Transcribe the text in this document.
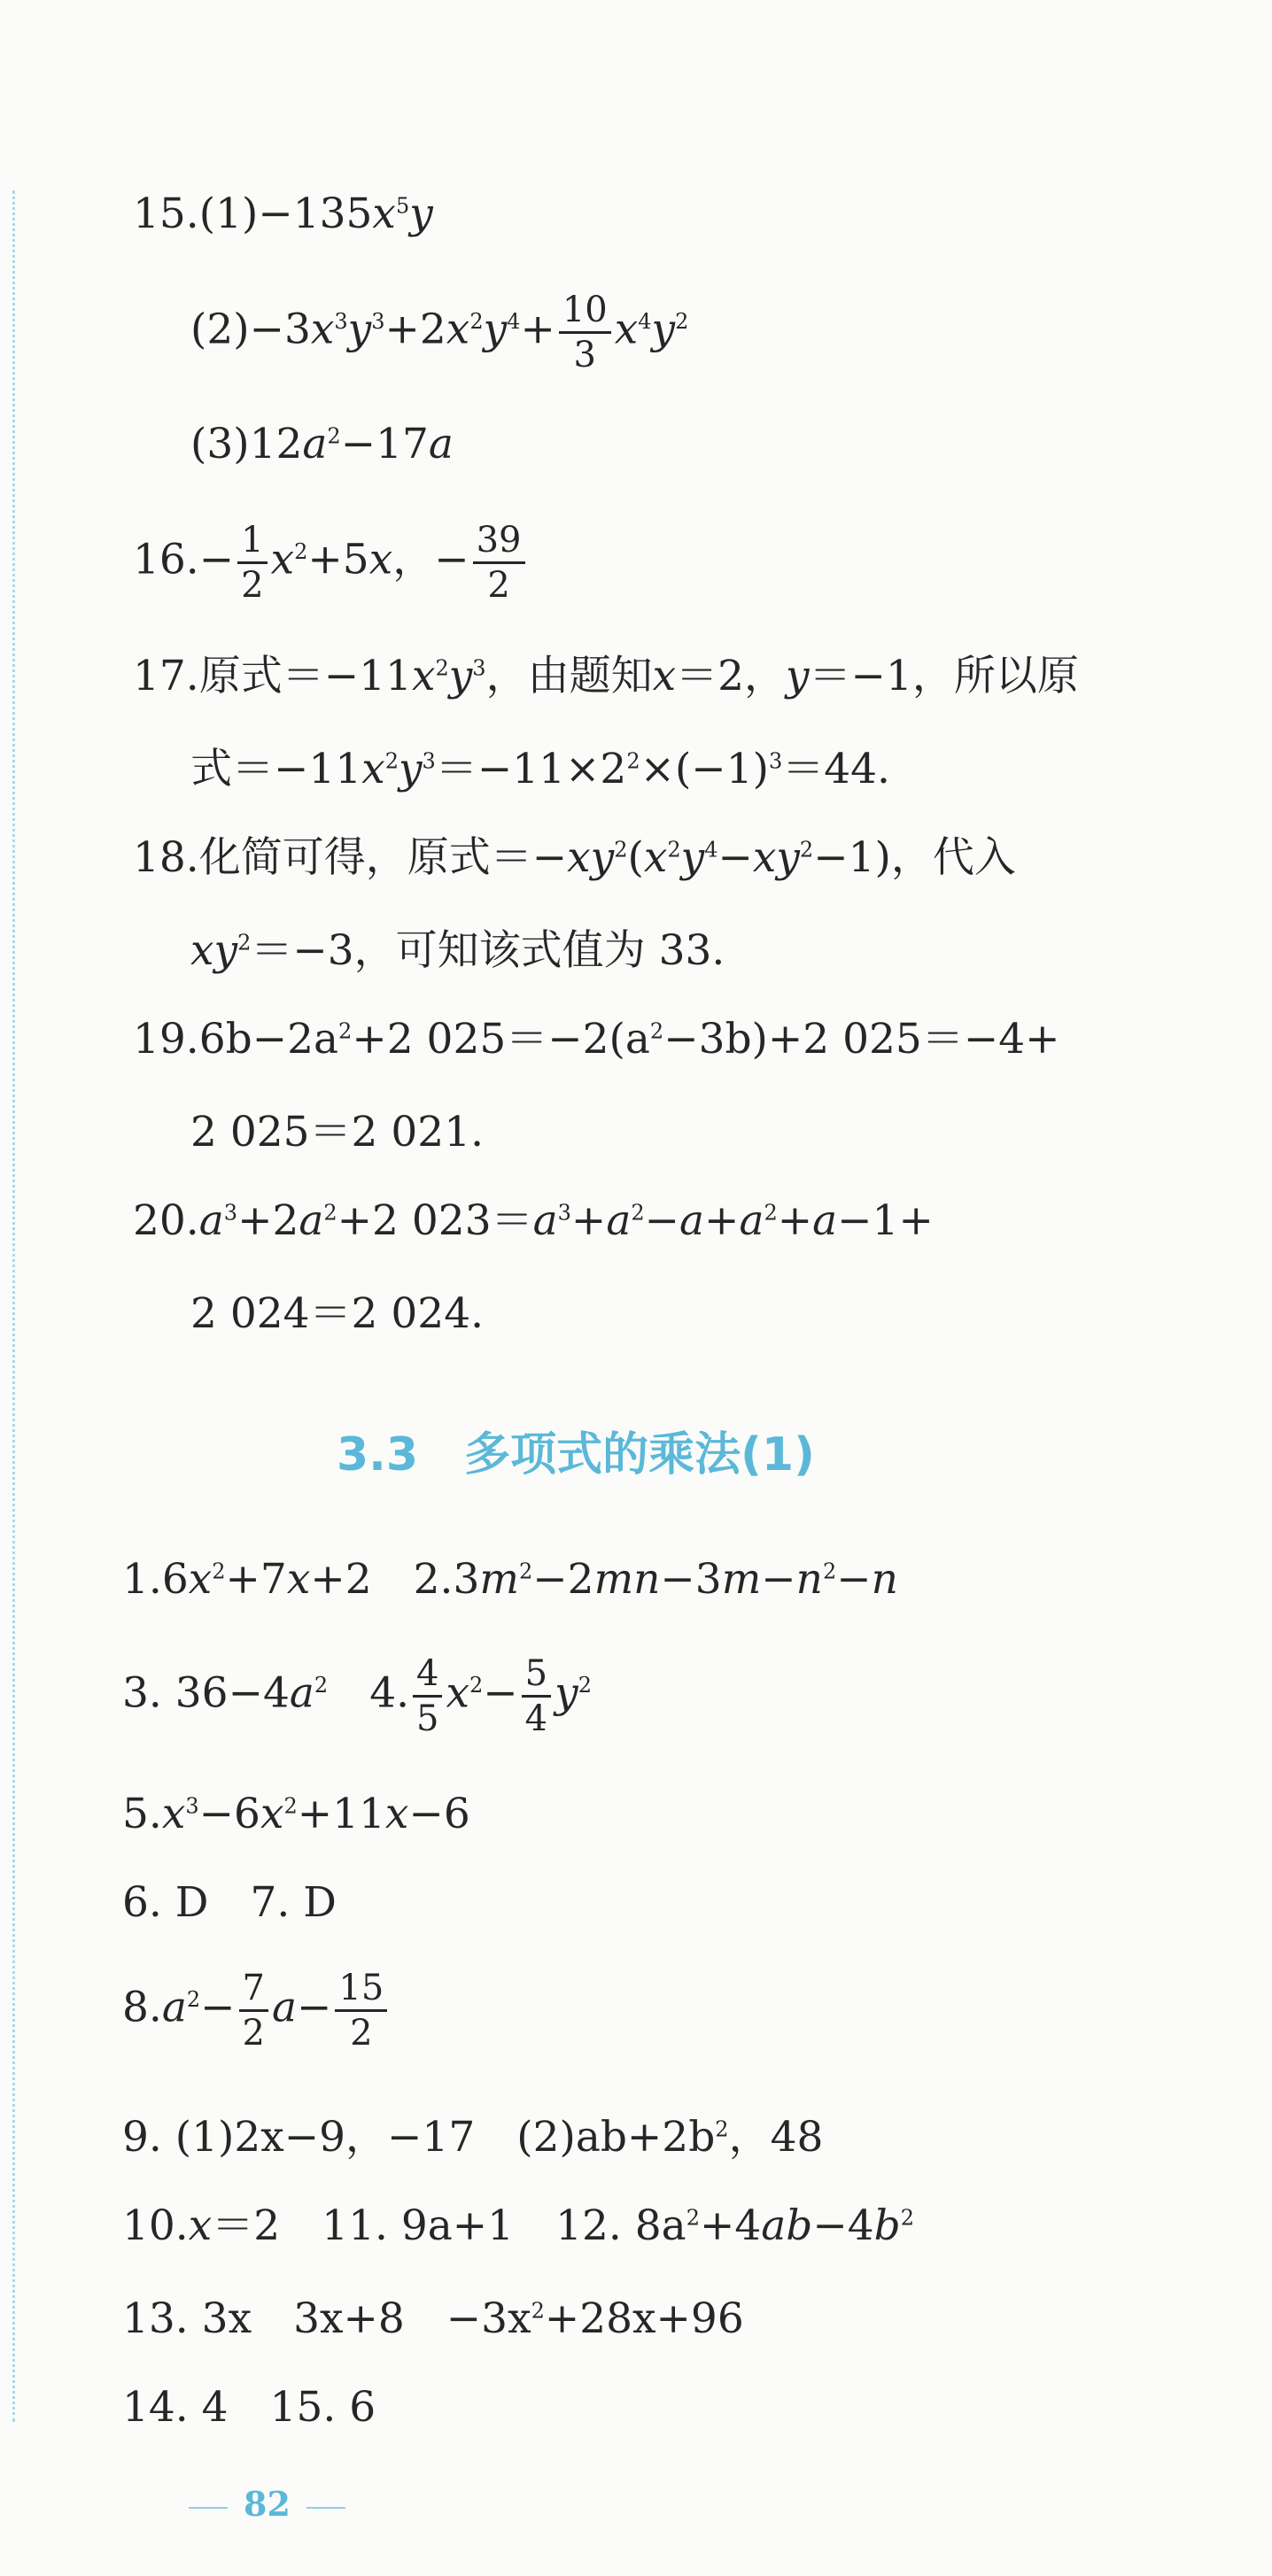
$15.(1)-135x^5y$
$(2)-3x^3y^3+2x^2y^4+ \frac{10}{3} x^4y^2$
$(3)12a^2-17a$
$16.- \frac{1}{2} x^2+5x$，− $\frac{39}{2}$
17.原式$=-11x^2y^3$，由题知x＝2，y＝−1，所以原
式$=-11x^2y^3=-11\times 2^2\times(-1)^3=44$.
18.化简可得，原式$=-xy^2(x^2y^4-xy^2-1)$，代入
$xy^2=-3$，可知该式值为 33.
$19.6b-2a^2+2$ $025=-2(a^2-3b)+2$ 025＝−4+
2 025＝2 021.
$20.a^3+2a^2+2$ $023=a^3+a^2-a+a^2+a-1+$
2 024＝2 024.
3.3　多项式的乘法(1)
$1.6x^2+7x+2$　$2.3m^2-2mn-3m-n^2-n$
3. $36-4a^2$　 4. $\frac{4}{5} x^2- \frac{5}{4} y^2$
$5.x^3-6x^2+11x-6$
6. D　7. D
$8.a^2- \frac{7}{2} a- \frac{15}{2}$
9. (1)2x−9，−17　$(2)ab+2b^2$，48
10.x＝2　11. 9a+1　 12. $8a^2+4ab-4b^2$
13. 3x　3x+8　$-3x^2+28x+96$
14. 4　15. 6
82
